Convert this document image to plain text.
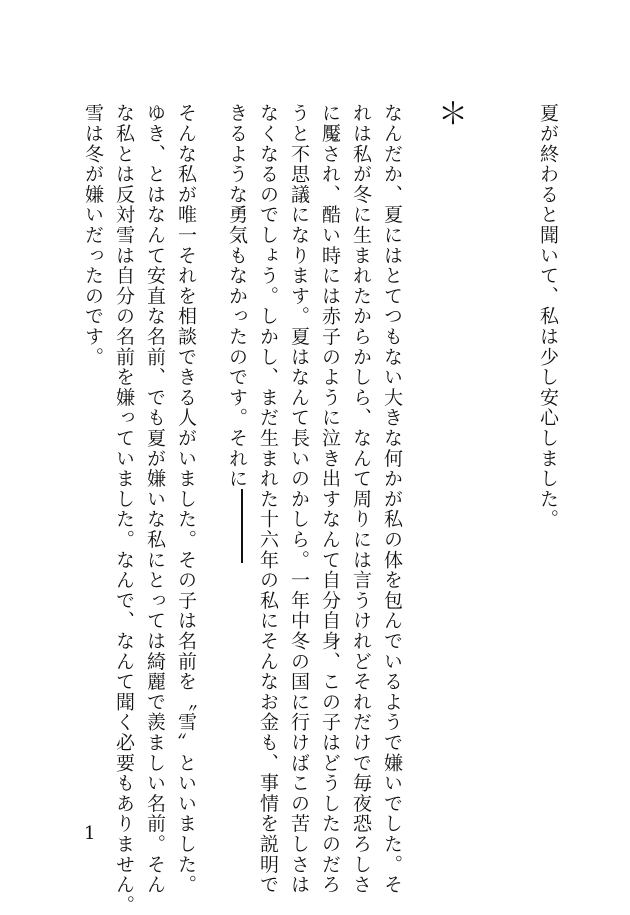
夏が終わると聞いて、私は少し安心しました。

＊

なんだか、夏にはとてつもない大きな何かが私の体を包んでいるようで嫌いでした。そ

れは私が冬に生まれたからかしら、なんて周りには言うけれどそれだけで毎夜恐ろしさ

に魘され、酷い時には赤子のように泣き出すなんて自分自身、この子はどうしたのだろ

うと不思議になります。夏はなんて長いのかしら。一年中冬の国に行けばこの苦しさは

なくなるのでしょう。しかし、まだ生まれた十六年の私にそんなお金も、事情を説明で

きるような勇気もなかったのです。それに

そんな私が唯一それを相談できる人がいました。その子は名前を〝雪〟といいました。

ゆき、とはなんて安直な名前、でも夏が嫌いな私にとっては綺麗で羨ましい名前。そん

な私とは反対雪は自分の名前を嫌っていました。なんで、なんて聞く必要もありません。

雪は冬が嫌いだったのです。

1
